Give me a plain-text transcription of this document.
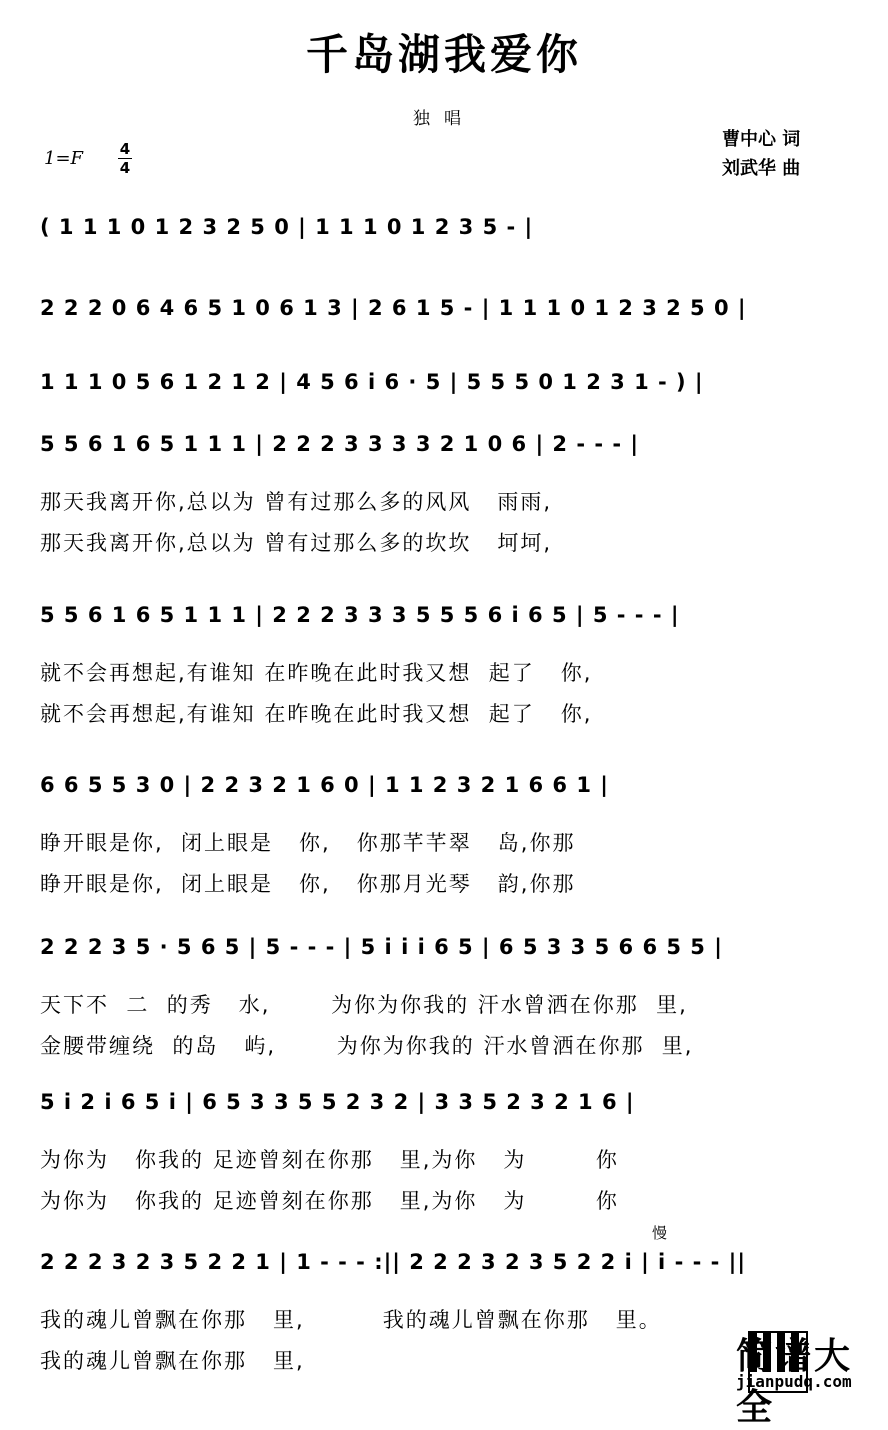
千岛湖我爱你
独唱
1=F 4
4
曹中心 词
刘武华 曲
( 1 1 1 0 1 2 3 2 5 0 | 1 1 1 0 1 2 3 5 - |
2 2 2 0 6 4 6 5 1 0 6 1 3 | 2 6 1 5 - | 1 1 1 0 1 2 3 2 5 0 |
1 1 1 0 5 6 1 2 1 2 | 4 5 6 i 6 · 5 | 5 5 5 0 1 2 3 1 - ) |
5 5 6 1 6 5 1 1 1 | 2 2 2 3 3 3 3 2 1 0 6 | 2 - - - |
那天我离开你,总以为 曾有过那么多的风风   雨雨,
那天我离开你,总以为 曾有过那么多的坎坎   坷坷,
5 5 6 1 6 5 1 1 1 | 2 2 2 3 3 3 5 5 5 6 i 6 5 | 5 - - - |
就不会再想起,有谁知 在昨晚在此时我又想  起了   你,
就不会再想起,有谁知 在昨晚在此时我又想  起了   你,
6 6 5 5 3 0 | 2 2 3 2 1 6 0 | 1 1 2 3 2 1 6 6 1 |
睁开眼是你,  闭上眼是   你,   你那芊芊翠   岛,你那
睁开眼是你,  闭上眼是   你,   你那月光琴   韵,你那
2 2 2 3 5 · 5 6 5 | 5 - - - | 5 i i i 6 5 | 6 5 3 3 5 6 6 5 5 |
天下不  二  的秀   水,       为你为你我的 汗水曾洒在你那  里,
金腰带缠绕  的岛   屿,       为你为你我的 汗水曾洒在你那  里,
5 i 2 i 6 5 i | 6 5 3 3 5 5 2 3 2 | 3 3 5 2 3 2 1 6 |
为你为   你我的 足迹曾刻在你那   里,为你   为        你
为你为   你我的 足迹曾刻在你那   里,为你   为        你
2 2 2 3 2 3 5 2 2 1 | 1 - - - :|| 2 2 2 3 2 3 5 2 2 i | i - - - ||
慢
我的魂儿曾飘在你那   里,         我的魂儿曾飘在你那   里。
我的魂儿曾飘在你那   里,	简谱大全
jianpudq.com
